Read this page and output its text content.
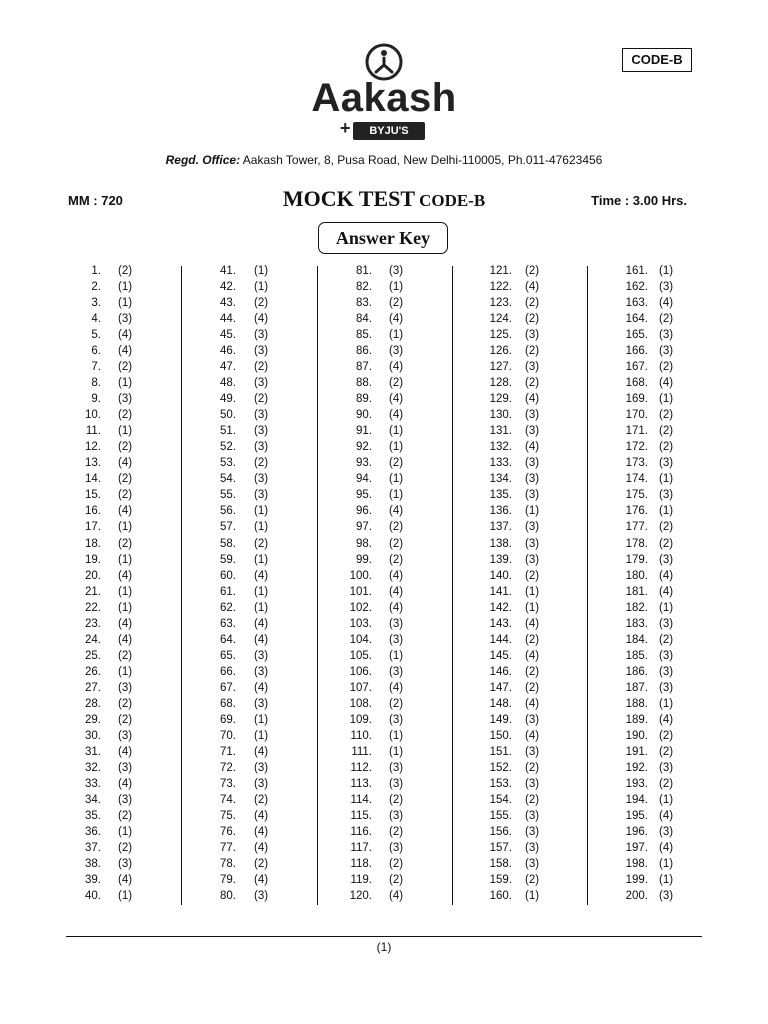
CODE-B
Aakash
+	BYJU'S
Regd. Office: Aakash Tower, 8, Pusa Road, New Delhi-110005, Ph.011-47623456
MM : 720	MOCK TEST CODE-B	Time : 3.00 Hrs.
Answer Key
1. (2)
2. (1)
3. (1)
4. (3)
5. (4)
6. (4)
7. (2)
8. (1)
9. (3)
10. (2)
11. (1)
12. (2)
13. (4)
14. (2)
15. (2)
16. (4)
17. (1)
18. (2)
19. (1)
20. (4)
21. (1)
22. (1)
23. (4)
24. (4)
25. (2)
26. (1)
27. (3)
28. (2)
29. (2)
30. (3)
31. (4)
32. (3)
33. (4)
34. (3)
35. (2)
36. (1)
37. (2)
38. (3)
39. (4)
40. (1)
41. (1)
42. (1)
43. (2)
44. (4)
45. (3)
46. (3)
47. (2)
48. (3)
49. (2)
50. (3)
51. (3)
52. (3)
53. (2)
54. (3)
55. (3)
56. (1)
57. (1)
58. (2)
59. (1)
60. (4)
61. (1)
62. (1)
63. (4)
64. (4)
65. (3)
66. (3)
67. (4)
68. (3)
69. (1)
70. (1)
71. (4)
72. (3)
73. (3)
74. (2)
75. (4)
76. (4)
77. (4)
78. (2)
79. (4)
80. (3)
81. (3)
82. (1)
83. (2)
84. (4)
85. (1)
86. (3)
87. (4)
88. (2)
89. (4)
90. (4)
91. (1)
92. (1)
93. (2)
94. (1)
95. (1)
96. (4)
97. (2)
98. (2)
99. (2)
100. (4)
101. (4)
102. (4)
103. (3)
104. (3)
105. (1)
106. (3)
107. (4)
108. (2)
109. (3)
110. (1)
111. (1)
112. (3)
113. (3)
114. (2)
115. (3)
116. (2)
117. (3)
118. (2)
119. (2)
120. (4)
121. (2)
122. (4)
123. (2)
124. (2)
125. (3)
126. (2)
127. (3)
128. (2)
129. (4)
130. (3)
131. (3)
132. (4)
133. (3)
134. (3)
135. (3)
136. (1)
137. (3)
138. (3)
139. (3)
140. (2)
141. (1)
142. (1)
143. (4)
144. (2)
145. (4)
146. (2)
147. (2)
148. (4)
149. (3)
150. (4)
151. (3)
152. (2)
153. (3)
154. (2)
155. (3)
156. (3)
157. (3)
158. (3)
159. (2)
160. (1)
161. (1)
162. (3)
163. (4)
164. (2)
165. (3)
166. (3)
167. (2)
168. (4)
169. (1)
170. (2)
171. (2)
172. (2)
173. (3)
174. (1)
175. (3)
176. (1)
177. (2)
178. (2)
179. (3)
180. (4)
181. (4)
182. (1)
183. (3)
184. (2)
185. (3)
186. (3)
187. (3)
188. (1)
189. (4)
190. (2)
191. (2)
192. (3)
193. (2)
194. (1)
195. (4)
196. (3)
197. (4)
198. (1)
199. (1)
200. (3)
(1)
